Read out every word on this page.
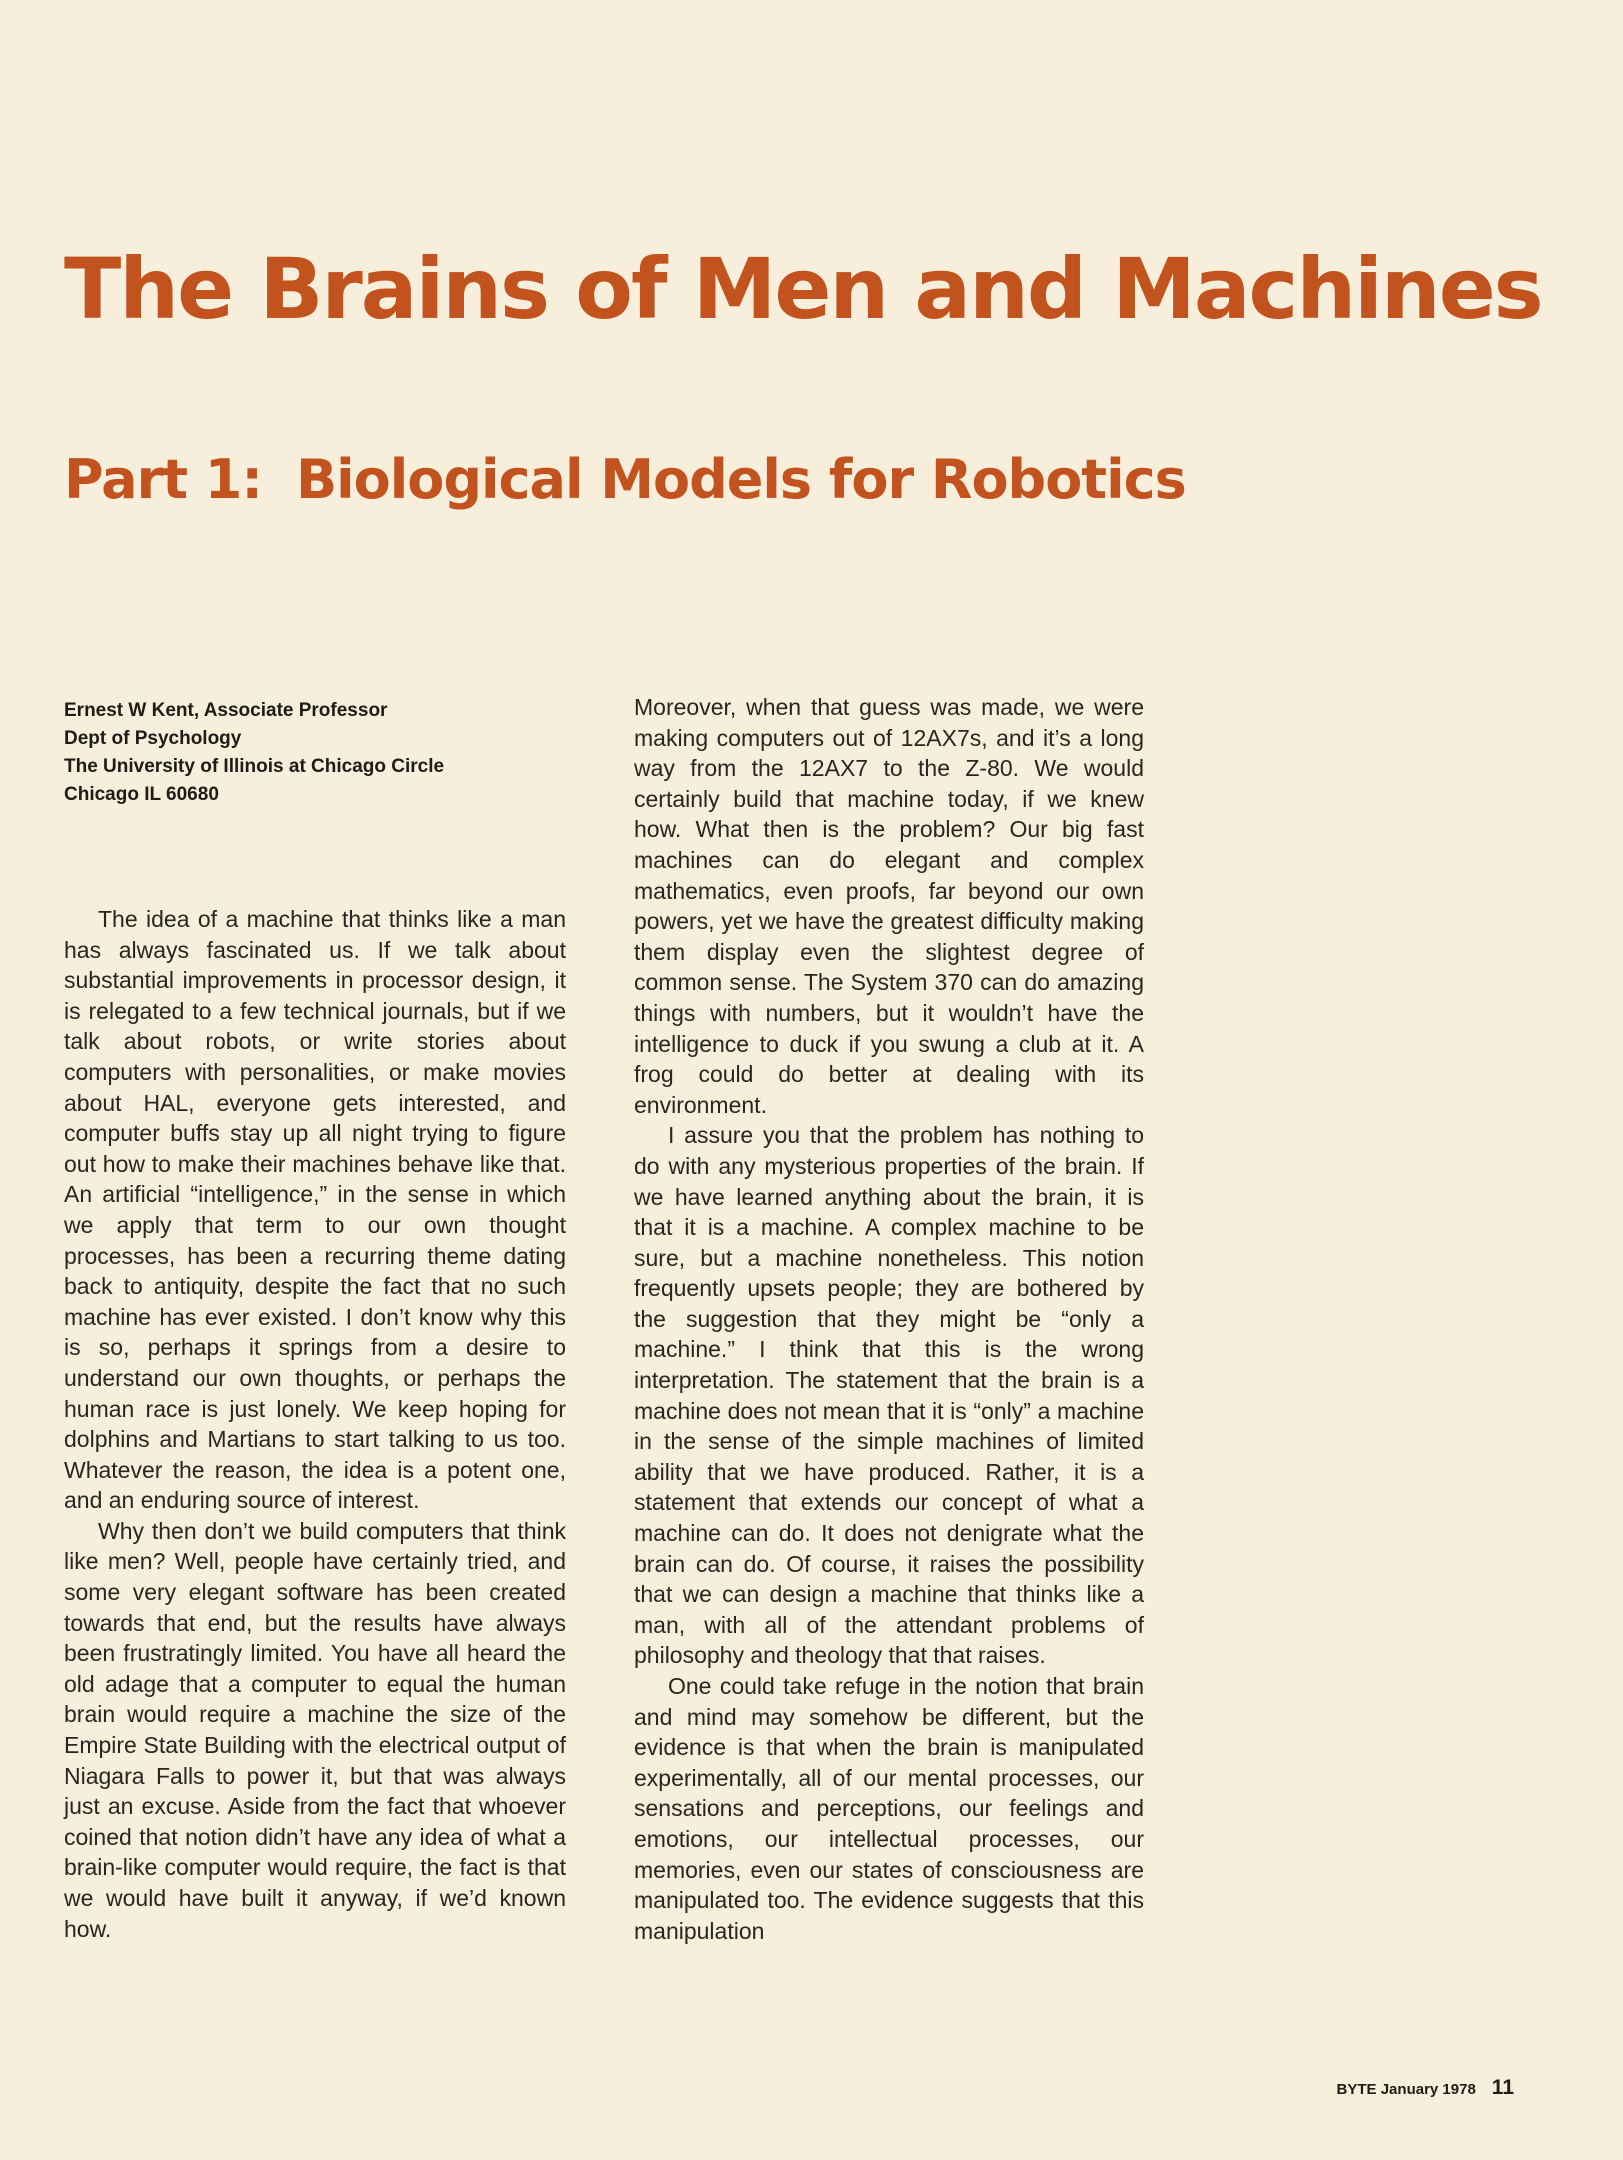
The Brains of Men and Machines
Part 1: Biological Models for Robotics
Ernest W Kent, Associate Professor
Dept of Psychology
The University of Illinois at Chicago Circle
Chicago IL 60680

The idea of a machine that thinks like a man has always fascinated us. If we talk about substantial improvements in processor design, it is relegated to a few technical journals, but if we talk about robots, or write stories about computers with personalities, or make movies about HAL, everyone gets interested, and computer buffs stay up all night trying to figure out how to make their machines behave like that. An artificial “intelligence,” in the sense in which we apply that term to our own thought processes, has been a recurring theme dating back to antiquity, despite the fact that no such machine has ever existed. I don’t know why this is so, perhaps it springs from a desire to understand our own thoughts, or perhaps the human race is just lonely. We keep hoping for dolphins and Martians to start talking to us too. Whatever the reason, the idea is a potent one, and an enduring source of interest.

Why then don’t we build computers that think like men? Well, people have certainly tried, and some very elegant software has been created towards that end, but the results have always been frustratingly limited. You have all heard the old adage that a computer to equal the human brain would require a machine the size of the Empire State Building with the electrical output of Niagara Falls to power it, but that was always just an excuse. Aside from the fact that whoever coined that notion didn’t have any idea of what a brain-like computer would require, the fact is that we would have built it anyway, if we’d known how.

Moreover, when that guess was made, we were making computers out of 12AX7s, and it’s a long way from the 12AX7 to the Z-80. We would certainly build that machine today, if we knew how. What then is the problem? Our big fast machines can do elegant and complex mathematics, even proofs, far beyond our own powers, yet we have the greatest difficulty making them display even the slightest degree of common sense. The System 370 can do amazing things with numbers, but it wouldn’t have the intelligence to duck if you swung a club at it. A frog could do better at dealing with its environment.

I assure you that the problem has nothing to do with any mysterious properties of the brain. If we have learned anything about the brain, it is that it is a machine. A complex machine to be sure, but a machine nonetheless. This notion frequently upsets people; they are bothered by the suggestion that they might be “only a machine.” I think that this is the wrong interpretation. The statement that the brain is a machine does not mean that it is “only” a machine in the sense of the simple machines of limited ability that we have produced. Rather, it is a statement that extends our concept of what a machine can do. It does not denigrate what the brain can do. Of course, it raises the possibility that we can design a machine that thinks like a man, with all of the attendant problems of philosophy and theology that that raises.

One could take refuge in the notion that brain and mind may somehow be different, but the evidence is that when the brain is manipulated experimentally, all of our mental processes, our sensations and perceptions, our feelings and emotions, our intellectual processes, our memories, even our states of consciousness are manipulated too. The evidence suggests that this manipulation

BYTE January 1978 11
